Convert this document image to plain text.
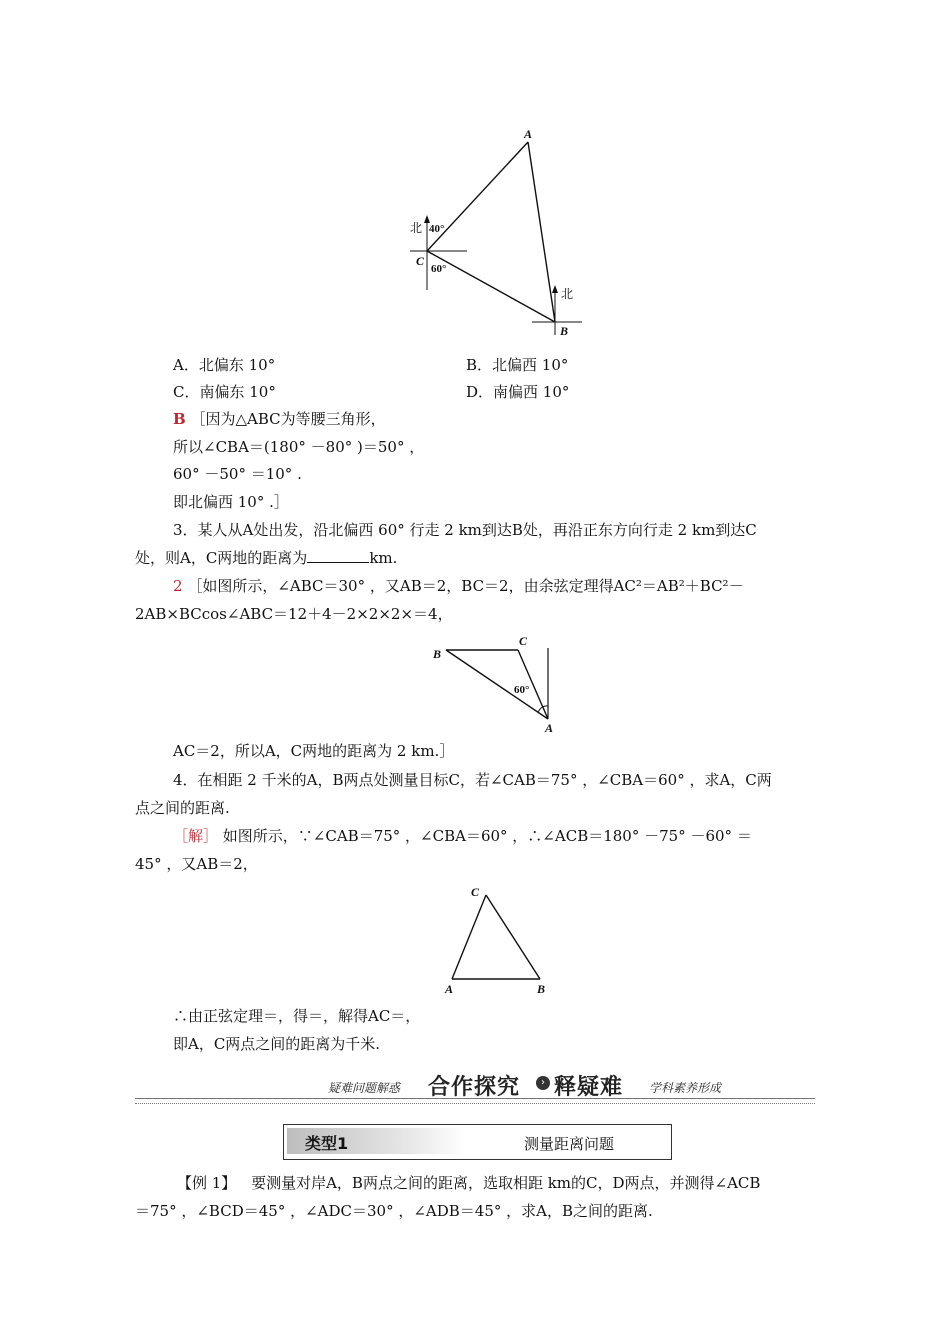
A
C
B
北
北
40°
60°
A．北偏东 10°	B．北偏西 10°
C．南偏东 10°	D．南偏西 10°
B ［因为△ABC为等腰三角形，
所以∠CBA＝(180° －80° )＝50° ，
60° －50° ＝10° .
即北偏西 10° .］
3．某人从A处出发，沿北偏西 60° 行走 2 km到达B处，再沿正东方向行走 2 km到达C
处，则A，C两地的距离为	km.
2 ［如图所示，∠ABC＝30° ，又AB＝2，BC＝2，由余弦定理得AC²＝AB²＋BC²－
2AB×BCcos∠ABC＝12＋4－2×2×2×＝4，
B
C
A
60°
AC＝2，所以A，C两地的距离为 2 km.］
4．在相距 2 千米的A，B两点处测量目标C，若∠CAB＝75° ，∠CBA＝60° ，求A，C两
点之间的距离.
［解］ 如图所示，∵∠CAB＝75° ，∠CBA＝60° ，∴∠ACB＝180° －75° －60° ＝
45° ，又AB＝2，
C
A	B
∴由正弦定理＝，得＝，解得AC＝，
即A，C两点之间的距离为千米.
疑难问题解惑 合作探究	› 释疑难 学科素养形成
类型1	测量距离问题
【例 1】 要测量对岸A，B两点之间的距离，选取相距 km的C，D两点，并测得∠ACB
＝75° ，∠BCD＝45° ，∠ADC＝30° ，∠ADB＝45° ，求A，B之间的距离.
